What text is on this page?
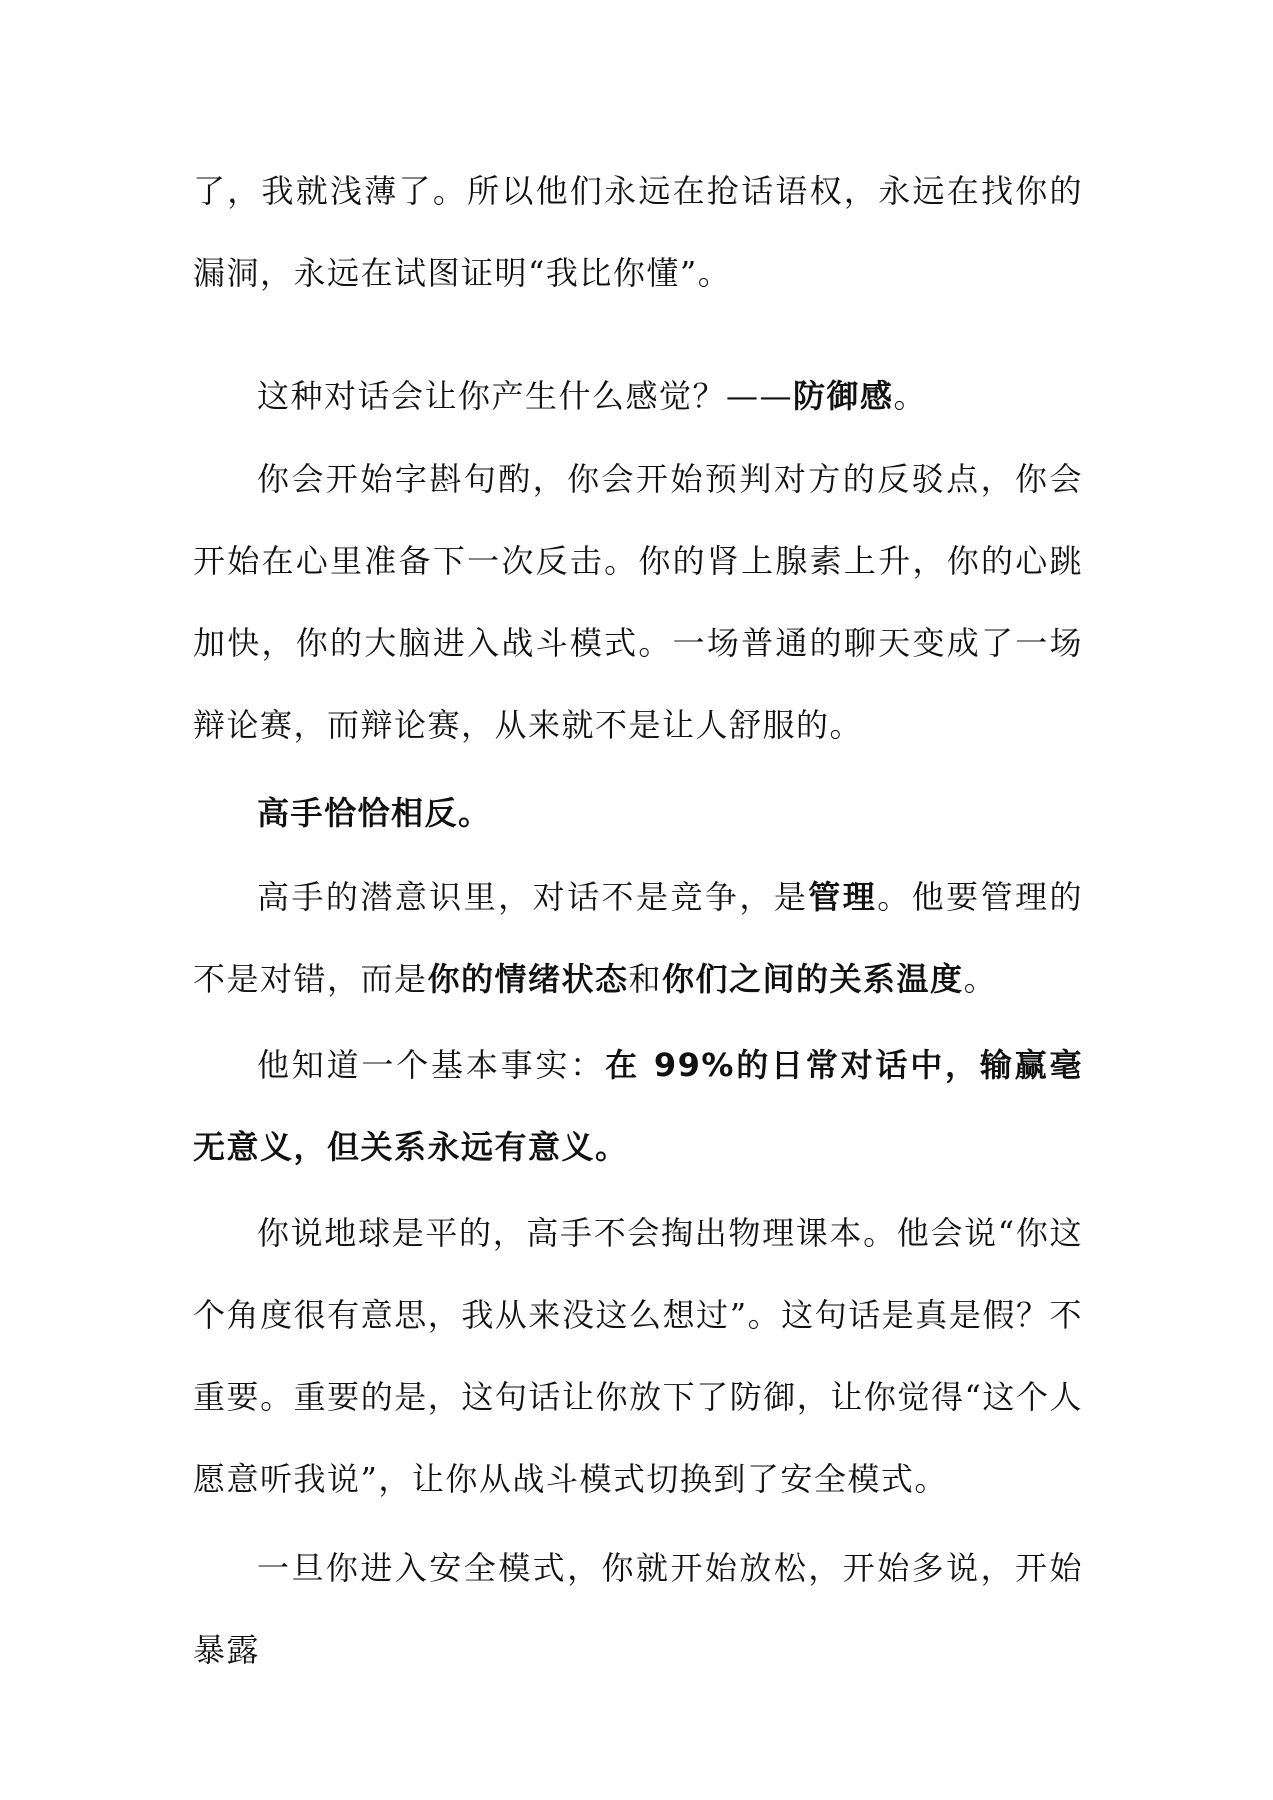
了，我就浅薄了。所以他们永远在抢话语权，永远在找你的漏洞，永远在试图证明“我比你懂”。

这种对话会让你产生什么感觉？——防御感。

你会开始字斟句酌，你会开始预判对方的反驳点，你会开始在心里准备下一次反击。你的肾上腺素上升，你的心跳加快，你的大脑进入战斗模式。一场普通的聊天变成了一场辩论赛，而辩论赛，从来就不是让人舒服的。

高手恰恰相反。

高手的潜意识里，对话不是竞争，是管理。他要管理的不是对错，而是你的情绪状态和你们之间的关系温度。

他知道一个基本事实：在 99%的日常对话中，输赢毫无意义，但关系永远有意义。

你说地球是平的，高手不会掏出物理课本。他会说“你这个角度很有意思，我从来没这么想过”。这句话是真是假？不重要。重要的是，这句话让你放下了防御，让你觉得“这个人愿意听我说”，让你从战斗模式切换到了安全模式。

一旦你进入安全模式，你就开始放松，开始多说，开始暴露
